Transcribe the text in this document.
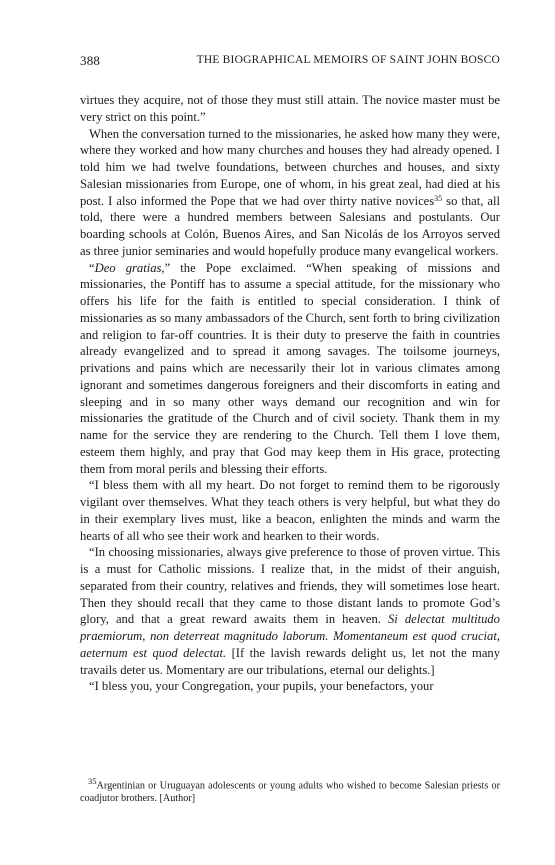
388	THE BIOGRAPHICAL MEMOIRS OF SAINT JOHN BOSCO

virtues they acquire, not of those they must still attain. The novice master must be very strict on this point.”

When the conversation turned to the missionaries, he asked how many they were, where they worked and how many churches and houses they had already opened. I told him we had twelve foundations, between churches and houses, and sixty Salesian missionaries from Europe, one of whom, in his great zeal, had died at his post. I also informed the Pope that we had over thirty native novices$^{35}$ so that, all told, there were a hundred members between Salesians and postulants. Our boarding schools at Colón, Buenos Aires, and San Nicolás de los Arroyos served as three junior seminaries and would hopefully produce many evangelical workers.

“Deo gratias,” the Pope exclaimed. “When speaking of missions and missionaries, the Pontiff has to assume a special attitude, for the missionary who offers his life for the faith is entitled to special consideration. I think of missionaries as so many ambassadors of the Church, sent forth to bring civilization and religion to far-off countries. It is their duty to preserve the faith in countries already evangelized and to spread it among savages. The toilsome journeys, privations and pains which are necessarily their lot in various climates among ignorant and sometimes dangerous foreigners and their discomforts in eating and sleeping and in so many other ways demand our recognition and win for missionaries the gratitude of the Church and of civil society. Thank them in my name for the service they are rendering to the Church. Tell them I love them, esteem them highly, and pray that God may keep them in His grace, protecting them from moral perils and blessing their efforts.

“I bless them with all my heart. Do not forget to remind them to be rigorously vigilant over themselves. What they teach others is very helpful, but what they do in their exemplary lives must, like a beacon, enlighten the minds and warm the hearts of all who see their work and hearken to their words.

“In choosing missionaries, always give preference to those of proven virtue. This is a must for Catholic missions. I realize that, in the midst of their anguish, separated from their country, relatives and friends, they will sometimes lose heart. Then they should recall that they came to those distant lands to promote God’s glory, and that a great reward awaits them in heaven. Si delectat multitudo praemiorum, non deterreat magnitudo laborum. Momentaneum est quod cruciat, aeternum est quod delectat. [If the lavish rewards delight us, let not the many travails deter us. Momentary are our tribulations, eternal our delights.]

“I bless you, your Congregation, your pupils, your benefactors, your

$^{35}$Argentinian or Uruguayan adolescents or young adults who wished to become Salesian priests or coadjutor brothers. [Author]
